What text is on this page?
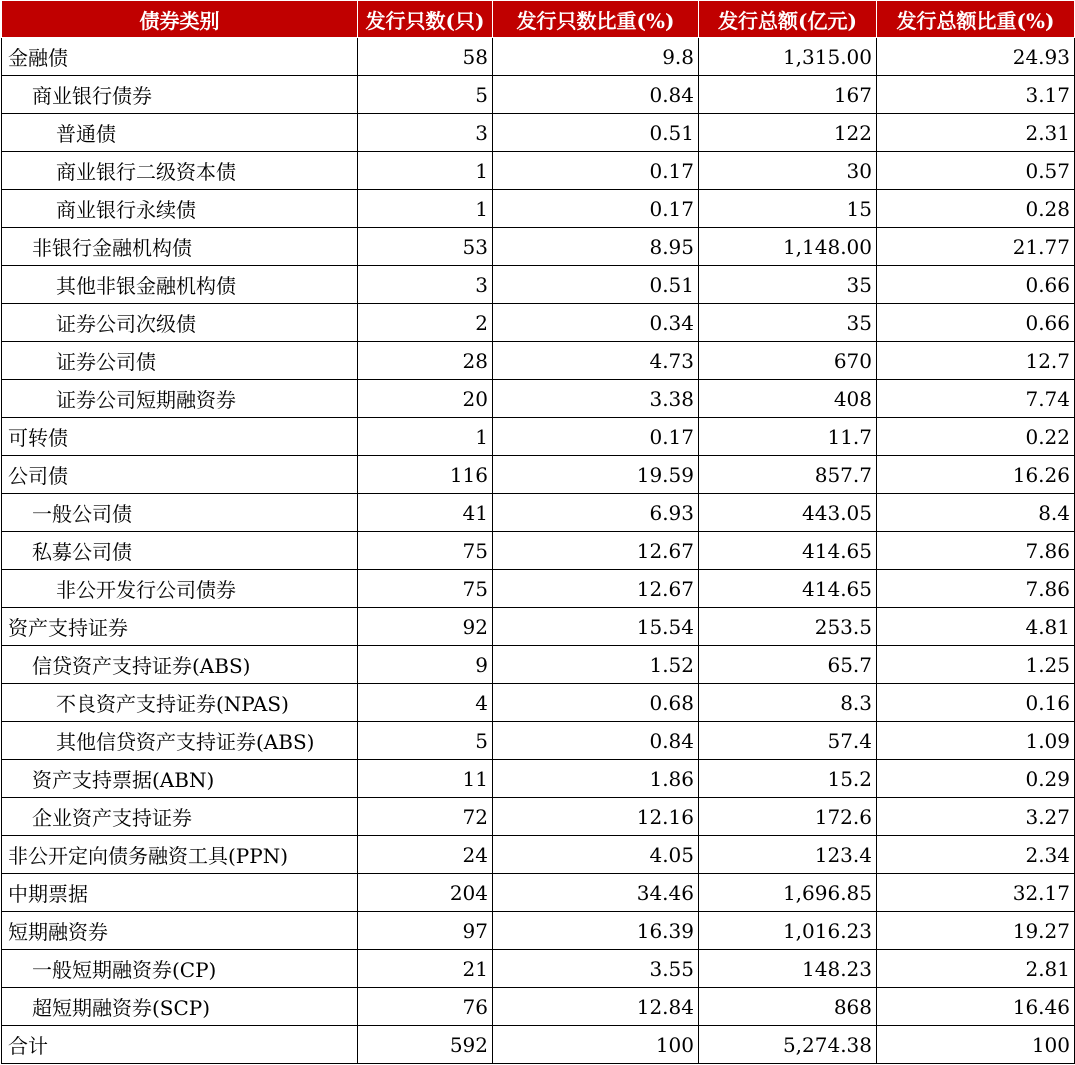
债券类别	发行只数(只)	发行只数比重(%)	发行总额(亿元)	发行总额比重(%)
金融债	58	9.8	1,315.00	24.93
商业银行债券	5	0.84	167	3.17
普通债	3	0.51	122	2.31
商业银行二级资本债	1	0.17	30	0.57
商业银行永续债	1	0.17	15	0.28
非银行金融机构债	53	8.95	1,148.00	21.77
其他非银金融机构债	3	0.51	35	0.66
证券公司次级债	2	0.34	35	0.66
证券公司债	28	4.73	670	12.7
证券公司短期融资券	20	3.38	408	7.74
可转债	1	0.17	11.7	0.22
公司债	116	19.59	857.7	16.26
一般公司债	41	6.93	443.05	8.4
私募公司债	75	12.67	414.65	7.86
非公开发行公司债券	75	12.67	414.65	7.86
资产支持证券	92	15.54	253.5	4.81
信贷资产支持证券(ABS)	9	1.52	65.7	1.25
不良资产支持证券(NPAS)	4	0.68	8.3	0.16
其他信贷资产支持证券(ABS)	5	0.84	57.4	1.09
资产支持票据(ABN)	11	1.86	15.2	0.29
企业资产支持证券	72	12.16	172.6	3.27
非公开定向债务融资工具(PPN)	24	4.05	123.4	2.34
中期票据	204	34.46	1,696.85	32.17
短期融资券	97	16.39	1,016.23	19.27
一般短期融资券(CP)	21	3.55	148.23	2.81
超短期融资券(SCP)	76	12.84	868	16.46
合计	592	100	5,274.38	100
